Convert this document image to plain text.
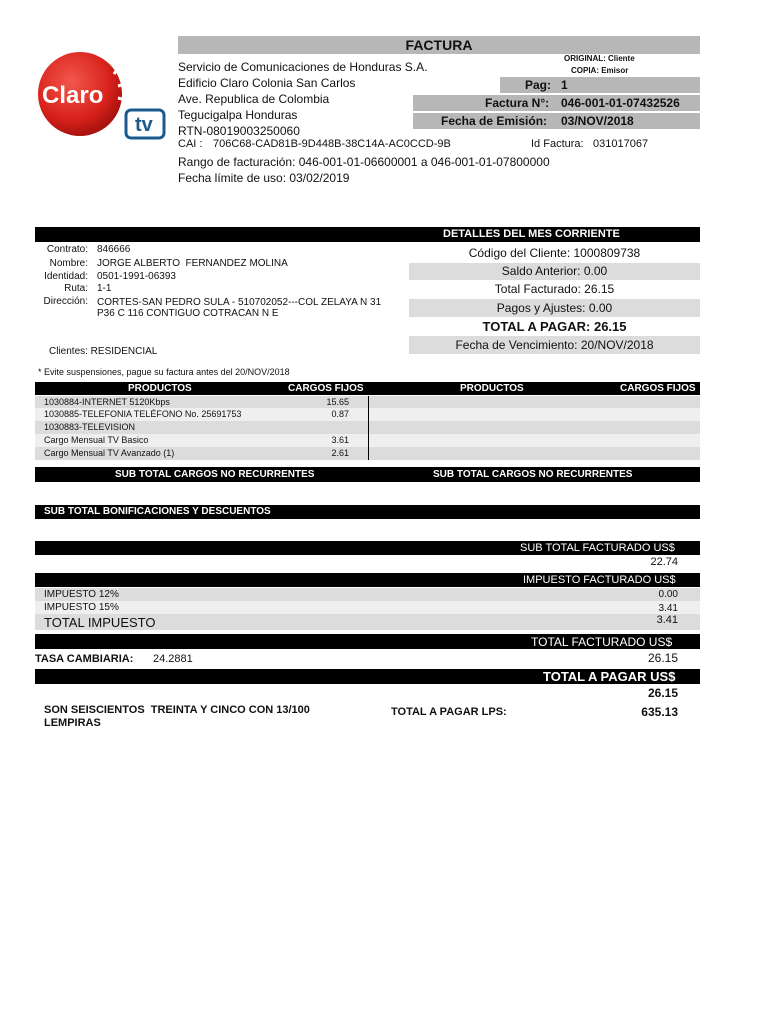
Claro
tv
FACTURA
Servicio de Comunicaciones de Honduras S.A.
Edificio Claro Colonia San Carlos
Ave. Republica de Colombia
Tegucigalpa Honduras
RTN-08019003250060
ORIGINAL: Cliente
COPIA: Emisor
Pag: 1
Factura N°: 046-001-01-07432526
Fecha de Emisión: 03/NOV/2018
CAI : 706C68-CAD81B-9D448B-38C14A-AC0CCD-9B	Id Factura: 031017067
Rango de facturación: 046-001-01-06600001 a 046-001-01-07800000
Fecha límite de uso: 03/02/2019
DETALLES DEL MES CORRIENTE
Contrato: 846666
Nombre: JORGE ALBERTO  FERNANDEZ MOLINA
Identidad: 0501-1991-06393
Ruta: 1-1
Dirección: CORTES-SAN PEDRO SULA - 510702052---COL ZELAYA N 31
P36 C 116 CONTIGUO COTRACAN N E
Clientes: RESIDENCIAL
Código del Cliente: 1000809738
Saldo Anterior: 0.00
Total Facturado: 26.15
Pagos y Ajustes: 0.00
TOTAL A PAGAR: 26.15
Fecha de Vencimiento: 20/NOV/2018
* Evite suspensiones, pague su factura antes del 20/NOV/2018
PRODUCTOS	CARGOS FIJOS	PRODUCTOS	CARGOS FIJOS
1030884-INTERNET 5120Kbps	15.65
1030885-TELEFONIA TELÉFONO No. 25691753	0.87
1030883-TELEVISION
Cargo Mensual TV Basico	3.61
Cargo Mensual TV Avanzado (1)	2.61
SUB TOTAL CARGOS NO RECURRENTES	SUB TOTAL CARGOS NO RECURRENTES
SUB TOTAL BONIFICACIONES Y DESCUENTOS
SUB TOTAL FACTURADO US$
22.74
IMPUESTO FACTURADO US$
IMPUESTO 12%	0.00
IMPUESTO 15%	3.41
TOTAL IMPUESTO	3.41
TOTAL FACTURADO US$
TASA CAMBIARIA: 24.2881	26.15
TOTAL A PAGAR US$
26.15
SON SEISCIENTOS  TREINTA Y CINCO CON 13/100
LEMPIRAS
TOTAL A PAGAR LPS:	635.13
